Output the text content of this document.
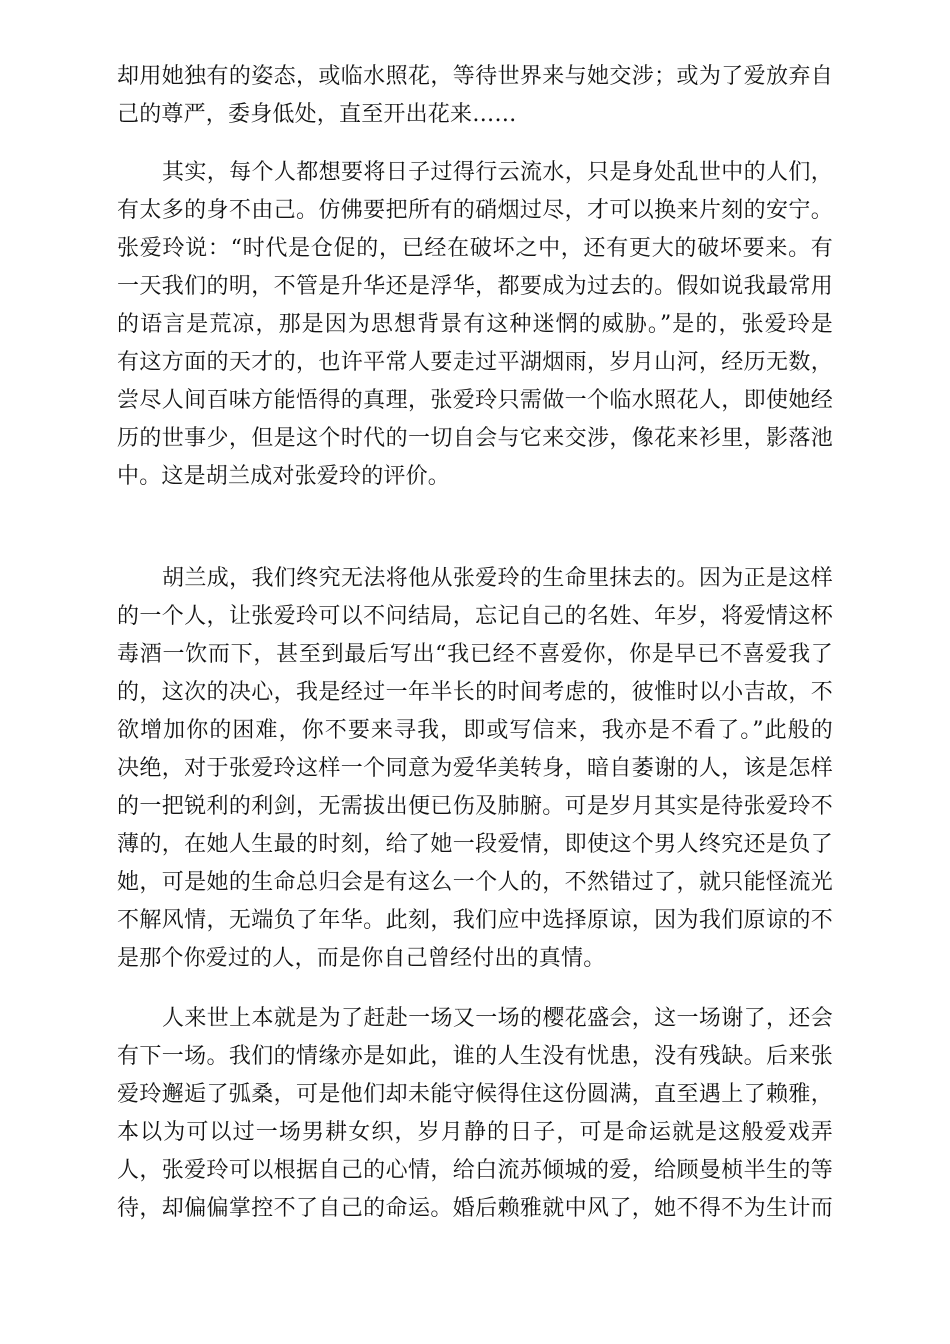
却用她独有的姿态，或临水照花，等待世界来与她交涉；或为了爱放弃自
己的尊严，委身低处，直至开出花来……
其实，每个人都想要将日子过得行云流水，只是身处乱世中的人们，
有太多的身不由己。仿佛要把所有的硝烟过尽，才可以换来片刻的安宁。
张爱玲说：“时代是仓促的，已经在破坏之中，还有更大的破坏要来。有
一天我们的明，不管是升华还是浮华，都要成为过去的。假如说我最常用
的语言是荒凉，那是因为思想背景有这种迷惘的威胁。”是的，张爱玲是
有这方面的天才的，也许平常人要走过平湖烟雨，岁月山河，经历无数，
尝尽人间百味方能悟得的真理，张爱玲只需做一个临水照花人，即使她经
历的世事少，但是这个时代的一切自会与它来交涉，像花来衫里，影落池
中。这是胡兰成对张爱玲的评价。
胡兰成，我们终究无法将他从张爱玲的生命里抹去的。因为正是这样
的一个人，让张爱玲可以不问结局，忘记自己的名姓、年岁，将爱情这杯
毒酒一饮而下，甚至到最后写出“我已经不喜爱你，你是早已不喜爱我了
的，这次的决心，我是经过一年半长的时间考虑的，彼惟时以小吉故，不
欲增加你的困难，你不要来寻我，即或写信来，我亦是不看了。”此般的
决绝，对于张爱玲这样一个同意为爱华美转身，暗自萎谢的人，该是怎样
的一把锐利的利剑，无需拔出便已伤及肺腑。可是岁月其实是待张爱玲不
薄的，在她人生最的时刻，给了她一段爱情，即使这个男人终究还是负了
她，可是她的生命总归会是有这么一个人的，不然错过了，就只能怪流光
不解风情，无端负了年华。此刻，我们应中选择原谅，因为我们原谅的不
是那个你爱过的人，而是你自己曾经付出的真情。
人来世上本就是为了赶赴一场又一场的樱花盛会，这一场谢了，还会
有下一场。我们的情缘亦是如此，谁的人生没有忧患，没有残缺。后来张
爱玲邂逅了弧桑，可是他们却未能守候得住这份圆满，直至遇上了赖雅，
本以为可以过一场男耕女织，岁月静的日子，可是命运就是这般爱戏弄
人，张爱玲可以根据自己的心情，给白流苏倾城的爱，给顾曼桢半生的等
待，却偏偏掌控不了自己的命运。婚后赖雅就中风了，她不得不为生计而
